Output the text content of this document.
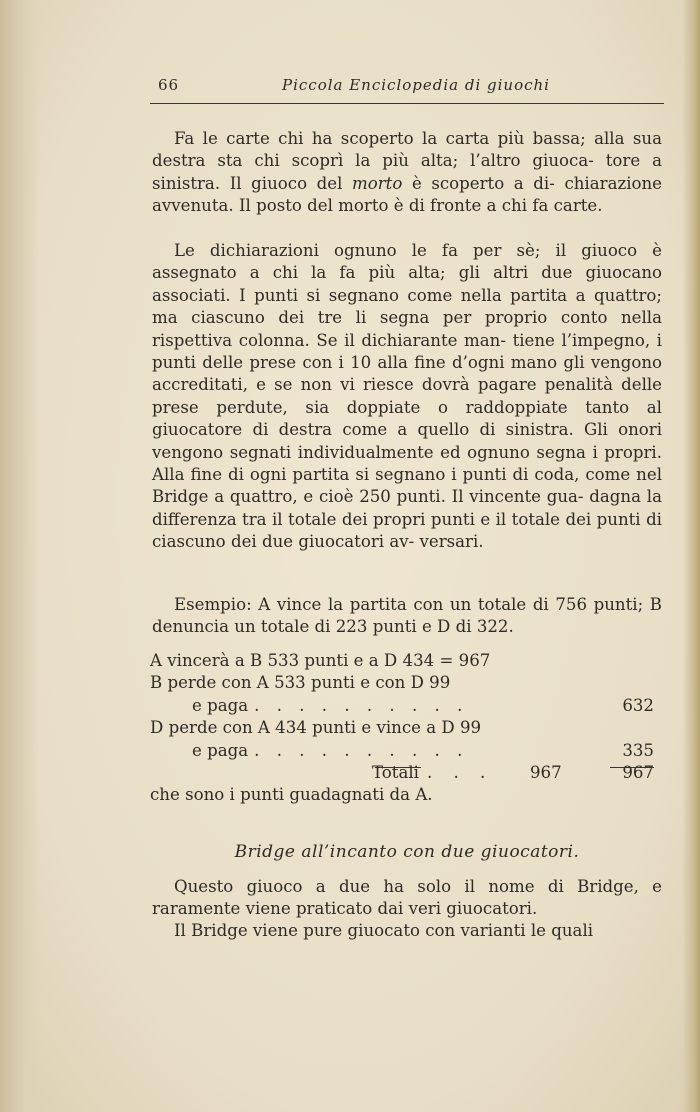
66	Piccola Enciclopedia di giuochi

Fa le carte chi ha scoperto la carta più bassa; alla sua destra sta chi scoprì la più alta; l’altro giuoca- tore a sinistra. Il giuoco del morto è scoperto a di- chiarazione avvenuta. Il posto del morto è di fronte a chi fa carte.

Le dichiarazioni ognuno le fa per sè; il giuoco è assegnato a chi la fa più alta; gli altri due giuocano associati. I punti si segnano come nella partita a quattro; ma ciascuno dei tre li segna per proprio conto nella rispettiva colonna. Se il dichiarante man- tiene l’impegno, i punti delle prese con i 10 alla fine d’ogni mano gli vengono accreditati, e se non vi riesce dovrà pagare penalità delle prese perdute, sia doppiate o raddoppiate tanto al giuocatore di destra come a quello di sinistra. Gli onori vengono segnati individualmente ed ognuno segna i propri. Alla fine di ogni partita si segnano i punti di coda, come nel Bridge a quattro, e cioè 250 punti. Il vincente gua- dagna la differenza tra il totale dei propri punti e il totale dei punti di ciascuno dei due giuocatori av- versari.

Esempio: A vince la partita con un totale di 756 punti; B denuncia un totale di 223 punti e D di 322.

A vincerà a B 533 punti e a D 434 = 967
B perde con A 533 punti e con D 99
e paga . . . . . . . . . .	632
D perde con A 434 punti e vince a D 99
e paga . . . . . . . . . .	335
Totali . . . 967	967
che sono i punti guadagnati da A.
Bridge all’incanto con due giuocatori.

Questo giuoco a due ha solo il nome di Bridge, e raramente viene praticato dai veri giuocatori.

Il Bridge viene pure giuocato con varianti le quali
